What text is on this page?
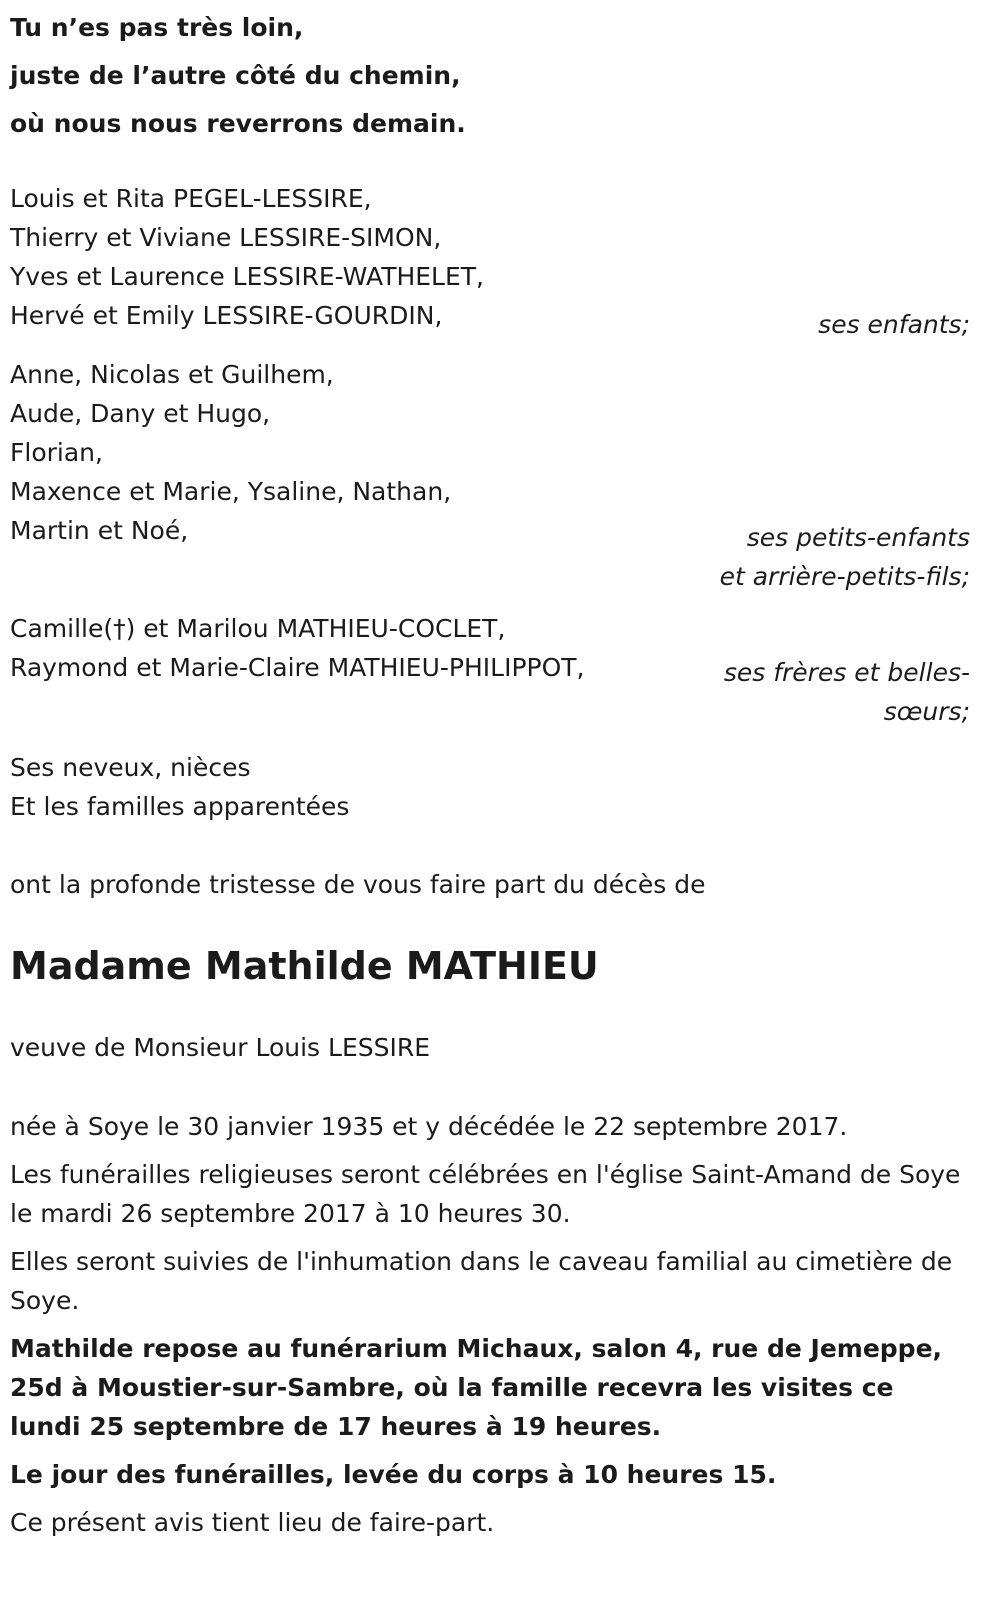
Tu n’es pas très loin,
juste de l’autre côté du chemin,
où nous nous reverrons demain.
Louis et Rita PEGEL-LESSIRE,
Thierry et Viviane LESSIRE-SIMON,
Yves et Laurence LESSIRE-WATHELET,
Hervé et Emily LESSIRE-GOURDIN,	ses enfants;
Anne, Nicolas et Guilhem,
Aude, Dany et Hugo,
Florian,
Maxence et Marie, Ysaline, Nathan,
Martin et Noé,	ses petits-enfants
et arrière-petits-fils;
Camille(†) et Marilou MATHIEU-COCLET,
Raymond et Marie-Claire MATHIEU-PHILIPPOT,	ses frères et belles-
sœurs;
Ses neveux, nièces
Et les familles apparentées
ont la profonde tristesse de vous faire part du décès de
Madame Mathilde MATHIEU
veuve de Monsieur Louis LESSIRE
née à Soye le 30 janvier 1935 et y décédée le 22 septembre 2017.
Les funérailles religieuses seront célébrées en l'église Saint-Amand de Soye le mardi 26 septembre 2017 à 10 heures 30.
Elles seront suivies de l'inhumation dans le caveau familial au cimetière de Soye.
Mathilde repose au funérarium Michaux, salon 4, rue de Jemeppe, 25d à Moustier-sur-Sambre, où la famille recevra les visites ce lundi 25 septembre de 17 heures à 19 heures.
Le jour des funérailles, levée du corps à 10 heures 15.
Ce présent avis tient lieu de faire-part.
